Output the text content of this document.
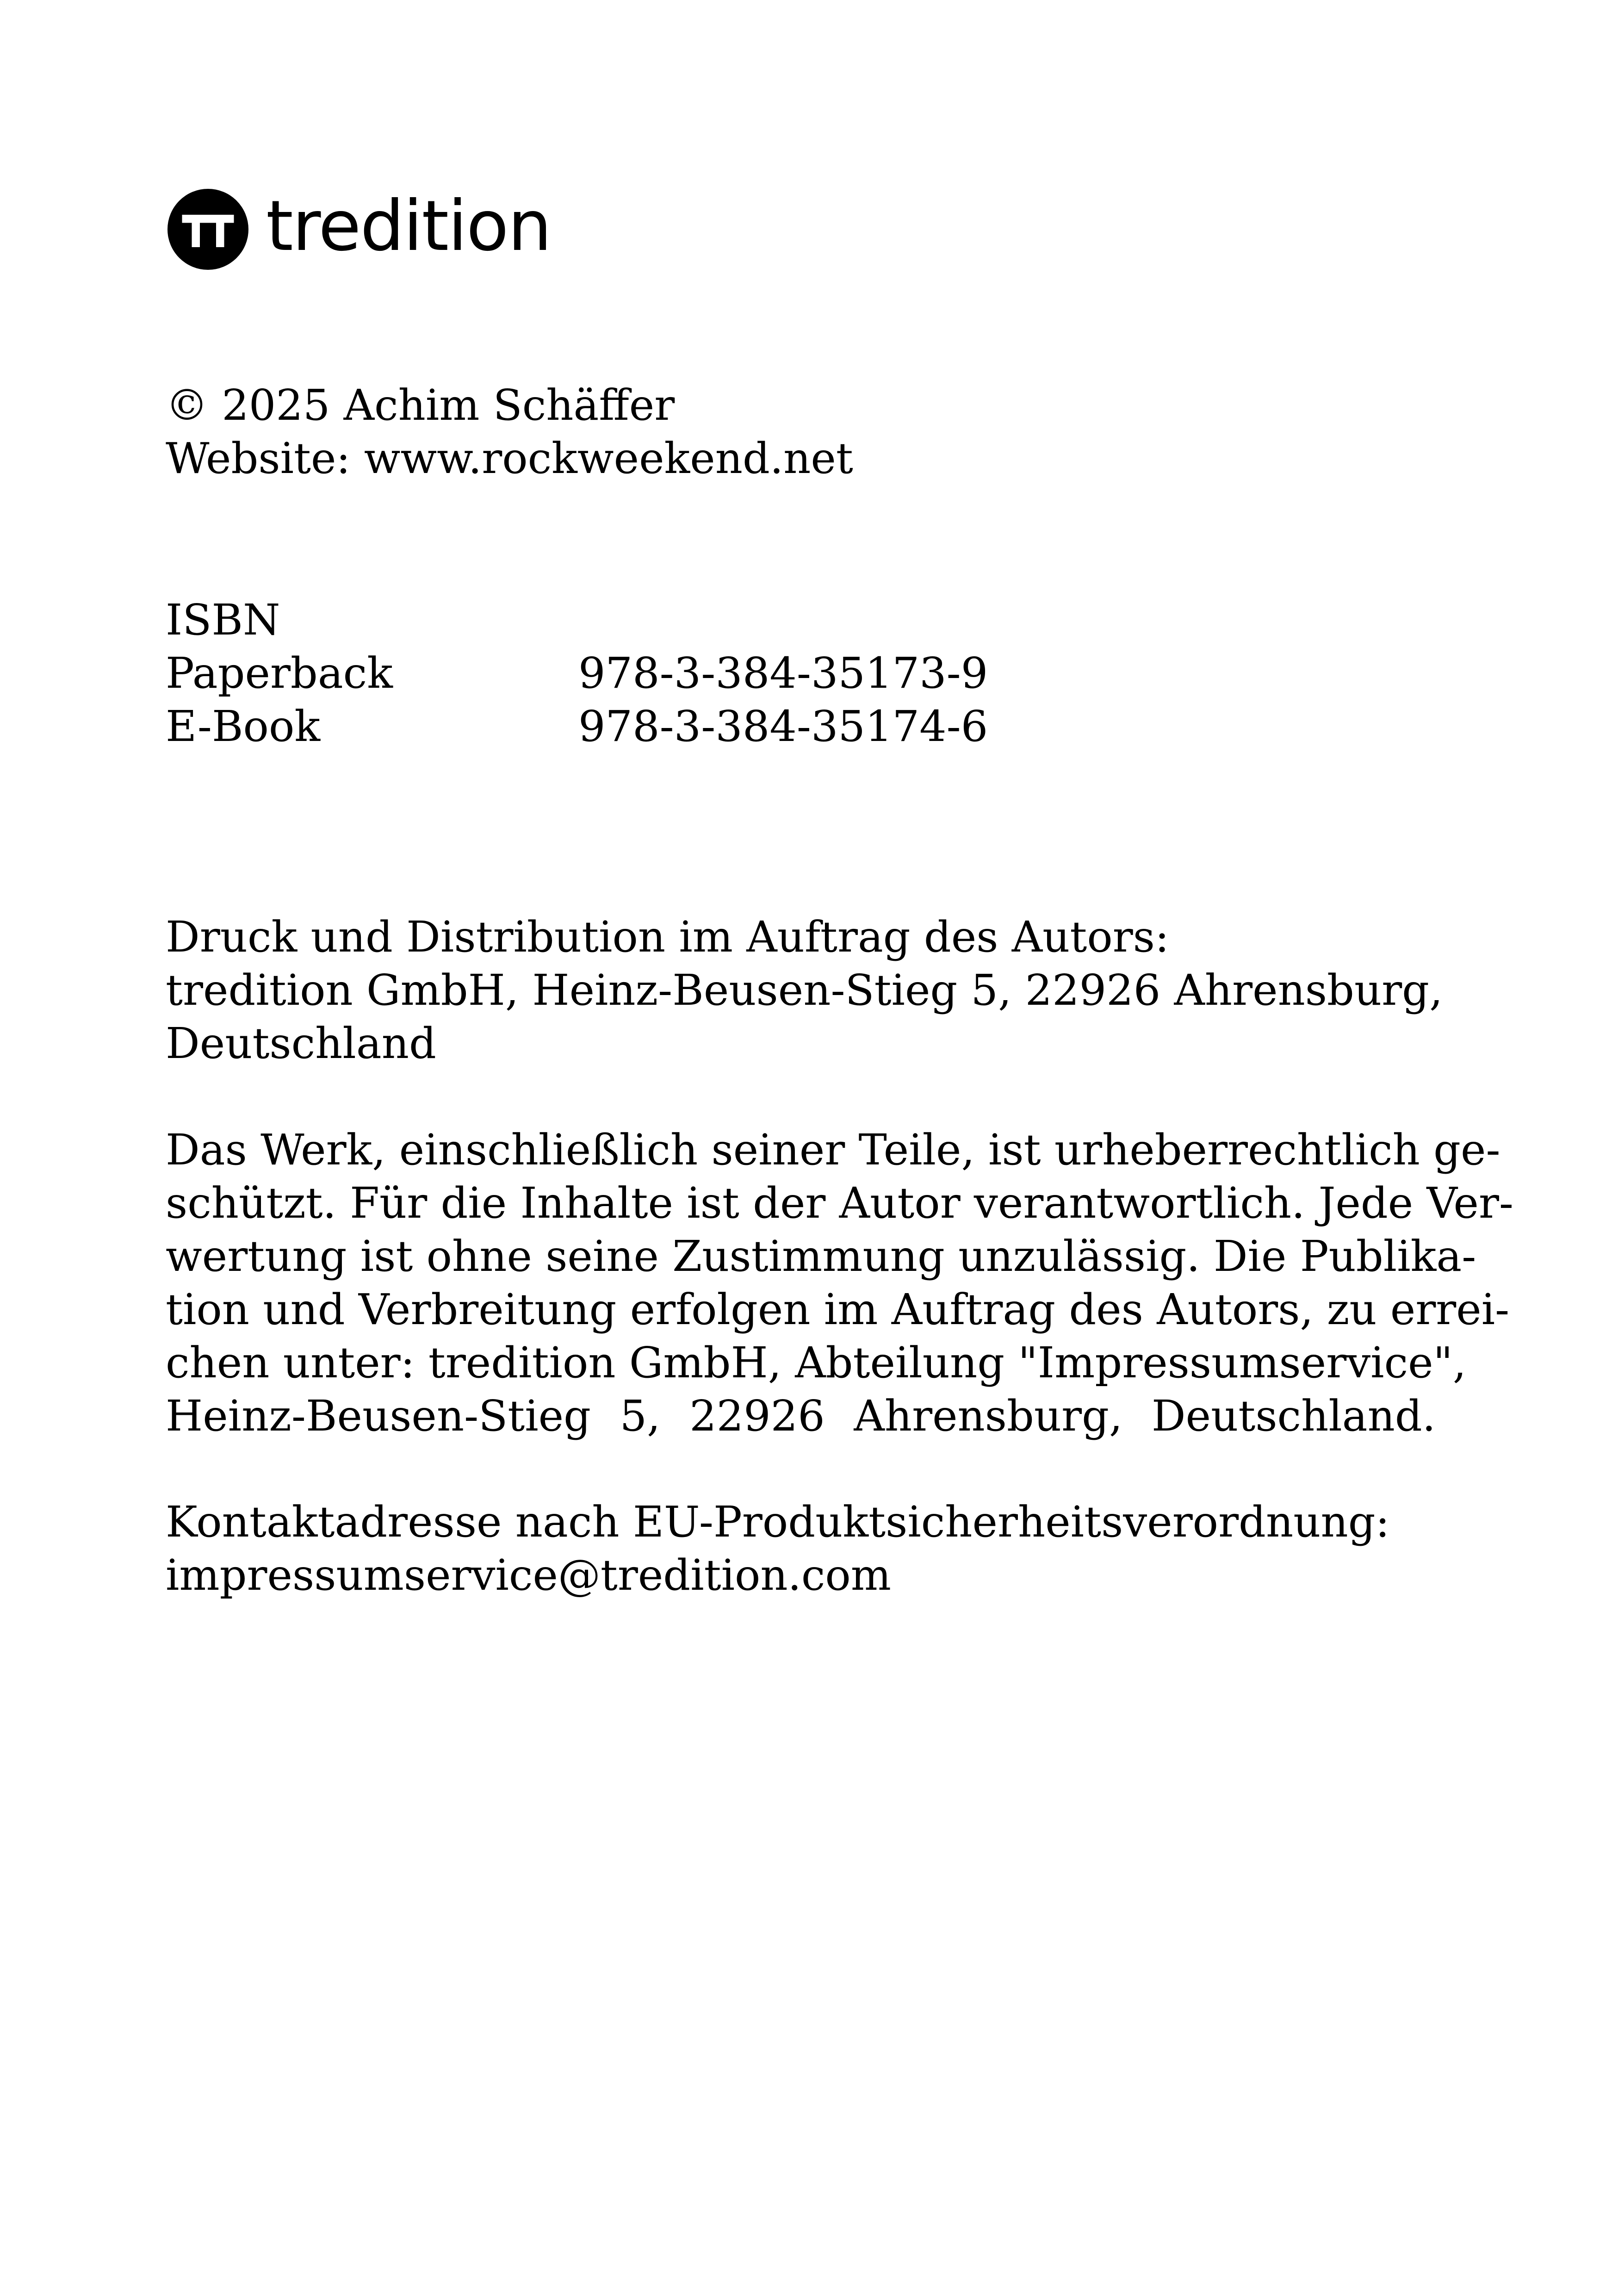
tredition
© 2025 Achim Schäffer
Website: www.rockweekend.net
ISBN
Paperback	978-3-384-35173-9
E-Book	978-3-384-35174-6
Druck und Distribution im Auftrag des Autors:
tredition GmbH, Heinz-Beusen-Stieg 5, 22926 Ahrensburg,
Deutschland
Das Werk, einschließlich seiner Teile, ist urheberrechtlich ge-
schützt. Für die Inhalte ist der Autor verantwortlich. Jede Ver-
wertung ist ohne seine Zustimmung unzulässig. Die Publika-
tion und Verbreitung erfolgen im Auftrag des Autors, zu errei-
chen unter: tredition GmbH, Abteilung "Impressumservice",
Heinz-Beusen-Stieg 5, 22926 Ahrensburg, Deutschland.
Kontaktadresse nach EU-Produktsicherheitsverordnung:
impressumservice@tredition.com
